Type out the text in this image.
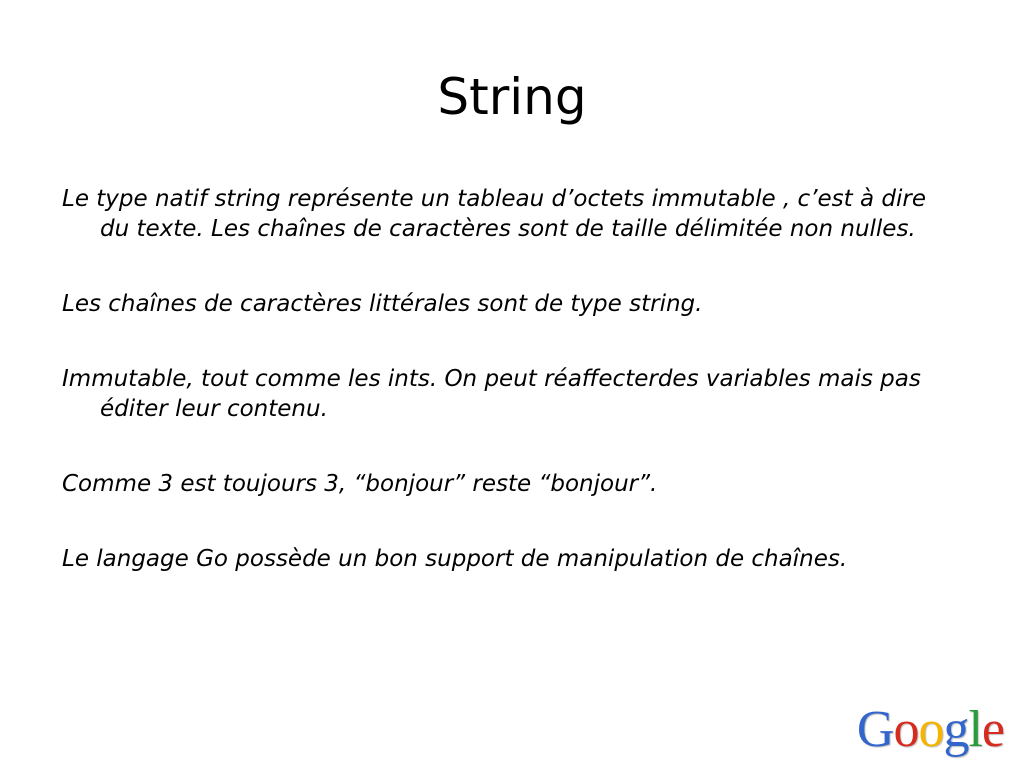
String

Le type natif string représente un tableau d’octets immutable , c’est à dire du texte. Les chaînes de caractères sont de taille délimitée non nulles.

Les chaînes de caractères littérales sont de type string.

Immutable, tout comme les ints. On peut réaffecterdes variables mais pas éditer leur contenu.

Comme 3 est toujours 3, “bonjour” reste “bonjour”.

Le langage Go possède un bon support de manipulation de chaînes.

Google
